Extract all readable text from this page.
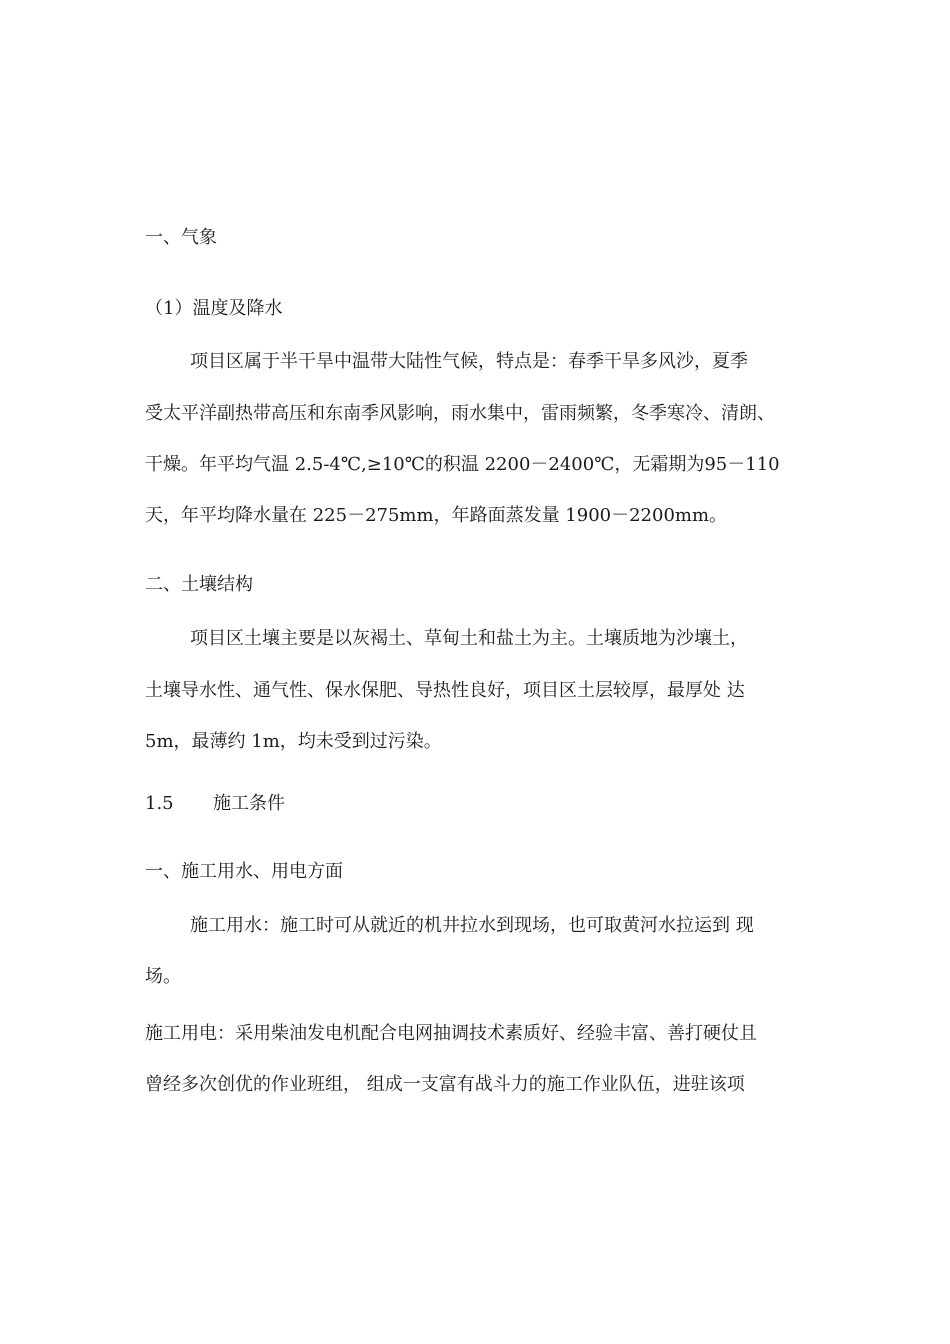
一、气象

（1）温度及降水

项目区属于半干旱中温带大陆性气候，特点是：春季干旱多风沙，夏季

受太平洋副热带高压和东南季风影响，雨水集中，雷雨频繁，冬季寒冷、清朗、

干燥。年平均气温 2.5-4℃,≥10℃的积温 2200－2400℃，无霜期为95－110

天，年平均降水量在 225－275mm，年路面蒸发量 1900－2200mm。

二、土壤结构

项目区土壤主要是以灰褐土、草甸土和盐土为主。土壤质地为沙壤土，

土壤导水性、通气性、保水保肥、导热性良好，项目区土层较厚，最厚处 达

5m，最薄约 1m，均未受到过污染。

1.5 施工条件

一、施工用水、用电方面

施工用水：施工时可从就近的机井拉水到现场，也可取黄河水拉运到 现

场。

施工用电：采用柴油发电机配合电网抽调技术素质好、经验丰富、善打硬仗且

曾经多次创优的作业班组， 组成一支富有战斗力的施工作业队伍，进驻该项
